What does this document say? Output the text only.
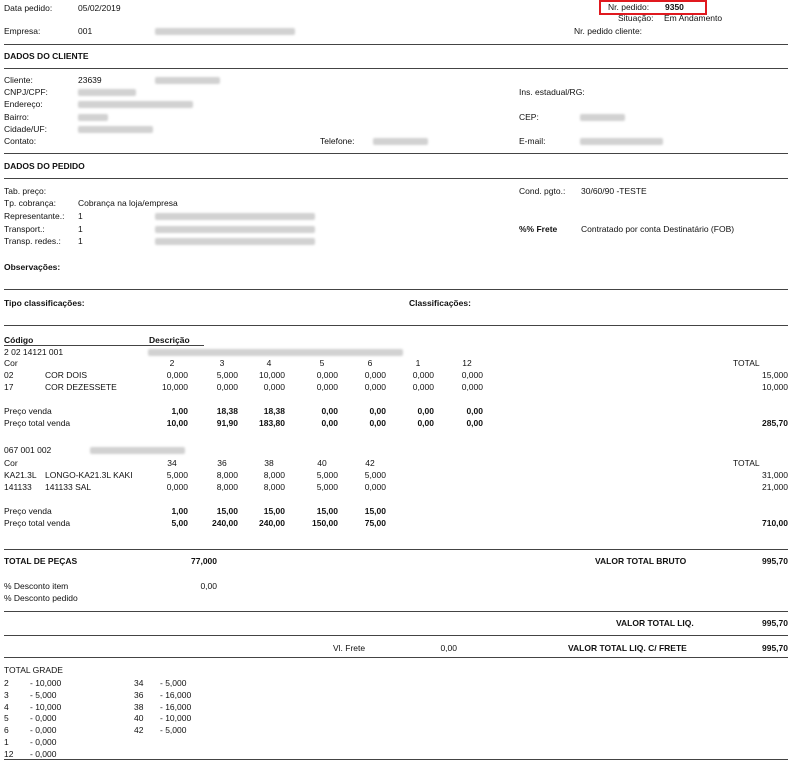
Data pedido:	05/02/2019
Empresa:	001
Situação: Em Andamento
Nr. pedido cliente:
Nr. pedido: 9350
DADOS DO CLIENTE
Cliente:	23639
CNPJ/CPF:
Endereço:
Bairro:
Cidade/UF:
Contato:	Telefone:
Ins. estadual/RG:
CEP:
E-mail:
DADOS DO PEDIDO
Tab. preço:
Tp. cobrança:	Cobrança na loja/empresa
Representante.: 1
Transport.:	1
Transp. redes.: 1
Cond. pgto.: 30/60/90 -TESTE
%% Frete	Contratado por conta Destinatário (FOB)
Observações:
Tipo classificações:	Classificações:
Código	Descrição
2 02 14121 001
Cor	TOTAL
2	3	4	5	6	1	12
02	COR DOIS	0,000	5,000	10,000	0,000	0,000	0,000	0,000	15,000
17	COR DEZESSETE	10,000	0,000	0,000	0,000	0,000	0,000	0,000	10,000
Preço venda	1,00	18,38	18,38	0,00	0,00	0,00	0,00
Preço total venda	10,00	91,90	183,80	0,00	0,00	0,00	0,00	285,70
067 001 002
Cor	TOTAL
34	36	38	40	42
KA21.3L LONGO-KA21.3L KAKI	5,000	8,000	8,000	5,000	5,000	31,000
141133 141133 SAL	0,000	8,000	8,000	5,000	0,000	21,000
Preço venda	1,00	15,00	15,00	15,00	15,00
Preço total venda	5,00	240,00	240,00	150,00	75,00	710,00
TOTAL DE PEÇAS	77,000	VALOR TOTAL BRUTO	995,70
% Desconto item	0,00
% Desconto pedido
VALOR TOTAL LIQ.	995,70
Vl. Frete	0,00	VALOR TOTAL LIQ. C/ FRETE	995,70
TOTAL GRADE
2	- 10,000
3	- 5,000
4	- 10,000
5	- 0,000
6	- 0,000
1	- 0,000
12 - 0,000
34 - 5,000
36 - 16,000
38 - 16,000
40 - 10,000
42 - 5,000
